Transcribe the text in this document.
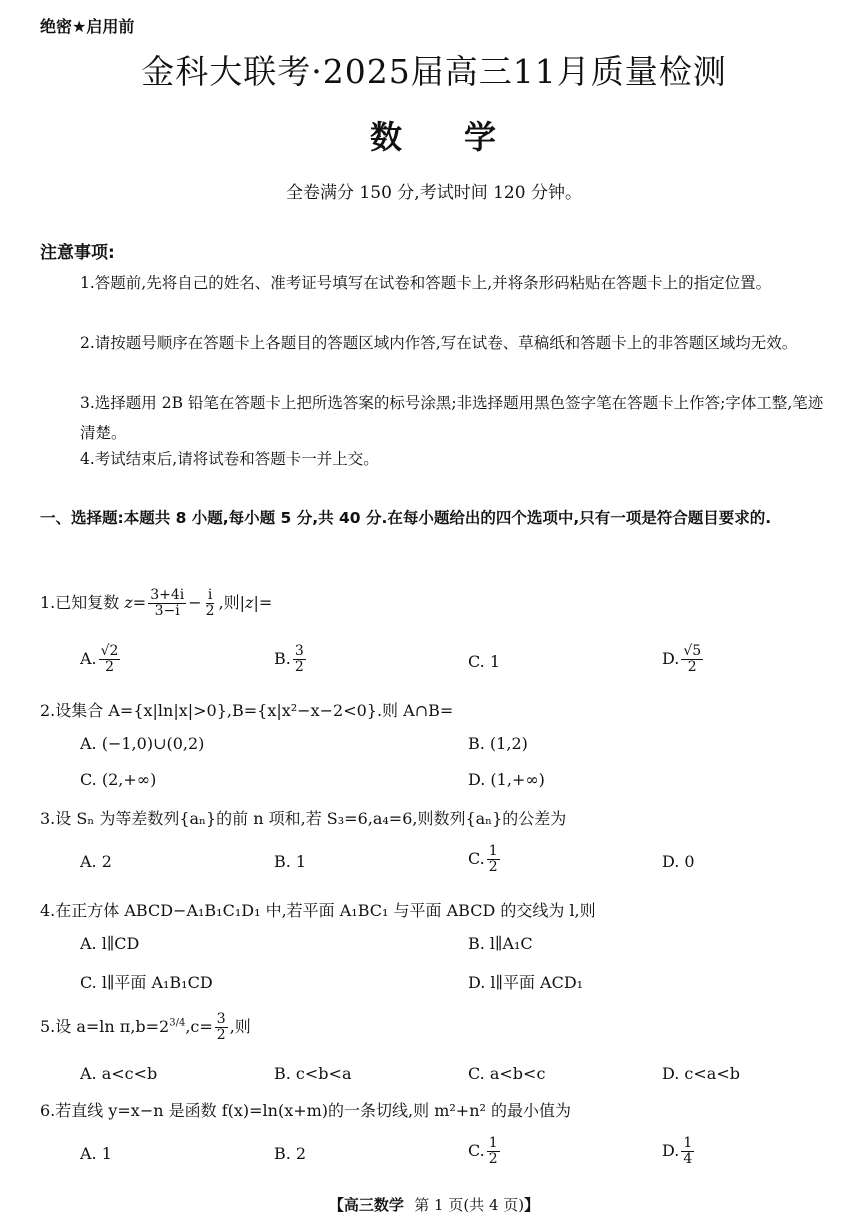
绝密★启用前
金科大联考·2025届高三11月质量检测
数 学
全卷满分 150 分,考试时间 120 分钟。
注意事项:
1.答题前,先将自己的姓名、准考证号填写在试卷和答题卡上,并将条形码粘贴在答题卡上的指定位置。
2.请按题号顺序在答题卡上各题目的答题区域内作答,写在试卷、草稿纸和答题卡上的非答题区域均无效。
3.选择题用 2B 铅笔在答题卡上把所选答案的标号涂黑;非选择题用黑色签字笔在答题卡上作答;字体工整,笔迹清楚。
4.考试结束后,请将试卷和答题卡一并上交。
一、选择题:本题共 8 小题,每小题 5 分,共 40 分.在每小题给出的四个选项中,只有一项是符合题目要求的.
1.已知复数 $z= \frac{3+4i}{3-i} - \frac{i}{2}$ ,则|z|=
A. $\frac{√2}{2}$	B. $\frac{3}{2}$	C. 1	D. $\frac{√5}{2}$
2.设集合 A={x|ln|x|>0},B={x|x²−x−2<0}.则 A∩B=
A. (−1,0)∪(0,2)	B. (1,2)
C. (2,+∞)	D. (1,+∞)
3.设 Sₙ 为等差数列{aₙ}的前 n 项和,若 S₃=6,a₄=6,则数列{aₙ}的公差为
A. 2	B. 1	C. $\frac{1}{2}$	D. 0
4.在正方体 ABCD−A₁B₁C₁D₁ 中,若平面 A₁BC₁ 与平面 ABCD 的交线为 l,则
A. l∥CD	B. l∥A₁C
C. l∥平面 A₁B₁CD	D. l∥平面 ACD₁
5.设 a=ln $\pi,b=2^{3/4},c= \frac{3}{2}$ ,则
A. a<c<b	B. c<b<a	C. a<b<c	D. c<a<b
6.若直线 y=x−n 是函数 f(x)=ln(x+m)的一条切线,则 m²+n² 的最小值为
A. 1	B. 2	C. $\frac{1}{2}$	D. $\frac{1}{4}$
【高三数学 第 1 页(共 4 页)】
